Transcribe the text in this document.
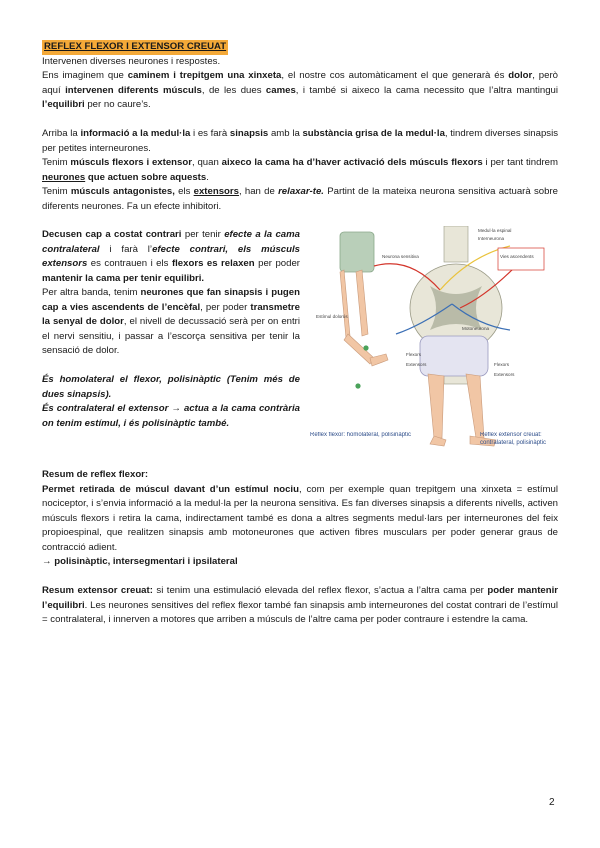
REFLEX FLEXOR I EXTENSOR CREUAT

Intervenen diverses neurones i respostes.

Ens imaginem que caminem i trepitgem una xinxeta, el nostre cos automàticament el que generarà és dolor, però aquí intervenen diferents músculs, de les dues cames, i també si aixeco la cama necessito que l’altra mantingui l’equilibri per no caure’s.

Arriba la informació a la medul·la i es farà sinapsis amb la substància grisa de la medul·la, tindrem diverses sinapsis per petites interneurones.

Tenim músculs flexors i extensor, quan aixeco la cama ha d’haver activació dels músculs flexors i per tant tindrem neurones que actuen sobre aquests.

Tenim músculs antagonistes, els extensors, han de relaxar-te. Partint de la mateixa neurona sensitiva actuarà sobre diferents neurones. Fa un efecte inhibitori.

Decusen cap a costat contrari per tenir efecte a la cama contralateral i farà l’efecte contrari, els músculs extensors es contrauen i els flexors es relaxen per poder mantenir la cama per tenir equilibri.

Per altra banda, tenim neurones que fan sinapsis i pugen cap a vies ascendents de l’encèfal, per poder transmetre la senyal de dolor, el nivell de decussació serà per on entri el nervi sensitiu, i passar a l’escorça sensitiva per tenir la sensació de dolor.

És homolateral el flexor, polisinàptic (Tenim més de dues sinapsis).

És contralateral el extensor → actua a la cama contrària on tenim estímul, i és polisinàptic també.

Estímul dolorós
Medul·la espinal
Interneurona
Motoneurona
Flexors
Extensors
Vies ascendents
Neurona sensitiva
Flexors
Extensors
Reflex flexor: homolateral, polisinàptic	Reflex extensor creuat: contralateral, polisinàptic

Resum de reflex flexor:

Permet retirada de múscul davant d’un estímul nociu, com per exemple quan trepitgem una xinxeta = estímul nociceptor, i s’envia informació a la medul·la per la neurona sensitiva. Es fan diverses sinapsis a diferents nivells, activen músculs flexors i retira la cama, indirectament també es dona a altres segments medul·lars per interneurones del feix propioespinal, que realitzen sinapsis amb motoneurones que activen fibres musculars per poder generar graus de contracció adient.

→ polisinàptic, intersegmentari i ipsilateral

Resum extensor creuat: si tenim una estimulació elevada del reflex flexor, s’actua a l’altra cama per poder mantenir l’equilibri. Les neurones sensitives del reflex flexor també fan sinapsis amb interneurones del costat contrari de l’estímul = contralateral, i innerven a motores que arriben a músculs de l’altre cama per poder contraure i estendre la cama.

2
